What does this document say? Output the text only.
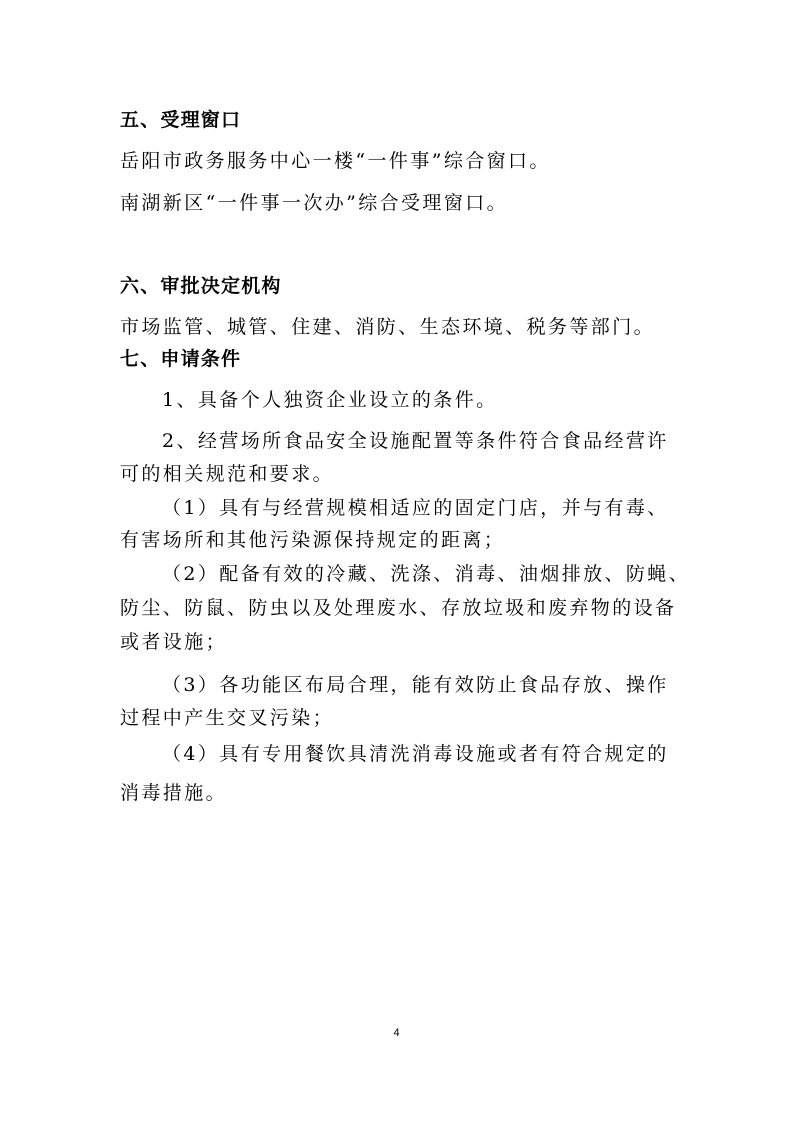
五、受理窗口
岳阳市政务服务中心一楼“一件事”综合窗口。
南湖新区“一件事一次办”综合受理窗口。
六、审批决定机构
市场监管、城管、住建、消防、生态环境、税务等部门。
七、申请条件
1、具备个人独资企业设立的条件。
2、经营场所食品安全设施配置等条件符合食品经营许
可的相关规范和要求。
（1）具有与经营规模相适应的固定门店，并与有毒、
有害场所和其他污染源保持规定的距离；
（2）配备有效的冷藏、洗涤、消毒、油烟排放、防蝇、
防尘、防鼠、防虫以及处理废水、存放垃圾和废弃物的设备
或者设施；
（3）各功能区布局合理，能有效防止食品存放、操作
过程中产生交叉污染；
（4）具有专用餐饮具清洗消毒设施或者有符合规定的
消毒措施。
4
